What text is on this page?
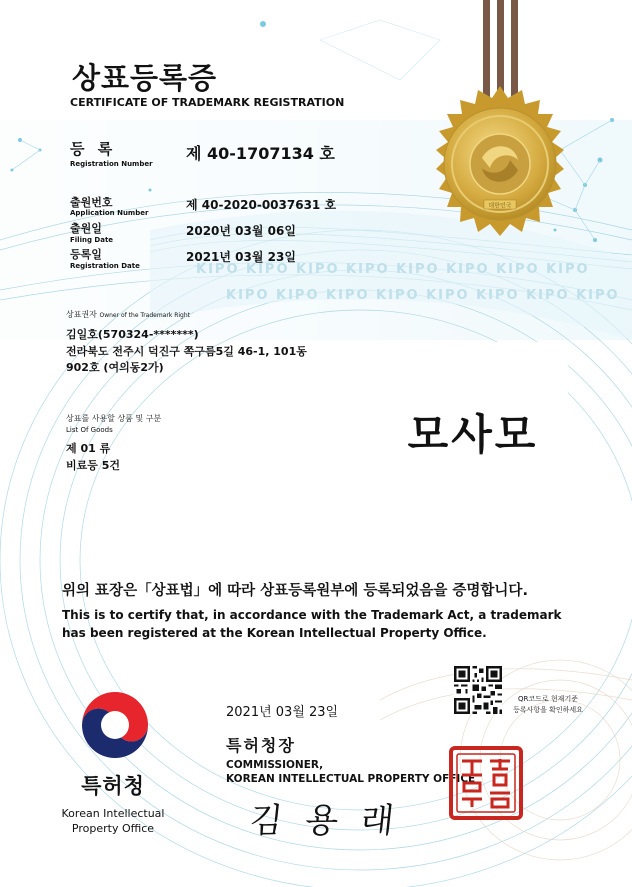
대한민국
상표등록증
CERTIFICATE OF TRADEMARK REGISTRATION
등 록
Registration Number
제 40-1707134 호
출원번호
Application Number
제 40-2020-0037631 호
출원일
Filing Date
2020년 03월 06일
등록일
Registration Date
2021년 03월 23일
KIPO KIPO KIPO KIPO KIPO KIPO KIPO KIPO
KIPO KIPO KIPO KIPO KIPO KIPO KIPO KIPO
상표권자 Owner of the Trademark Right
김일호(570324-*******)
전라북도 전주시 덕진구 쪽구름5길 46-1, 101동
902호 (여의동2가)
상표를 사용할 상품 및 구분
List Of Goods
제 01 류
비료등 5건
모사모
위의 표장은「상표법」에 따라 상표등록원부에 등록되었음을 증명합니다.
This is to certify that, in accordance with the Trademark Act, a trademark
has been registered at the Korean Intellectual Property Office.
특허청
Korean Intellectual
Property Office
2021년 03월 23일
특허청장
COMMISSIONER,
KOREAN INTELLECTUAL PROPERTY OFFICE
김 용 래
QR코드로 현재기준
등록사항을 확인하세요
